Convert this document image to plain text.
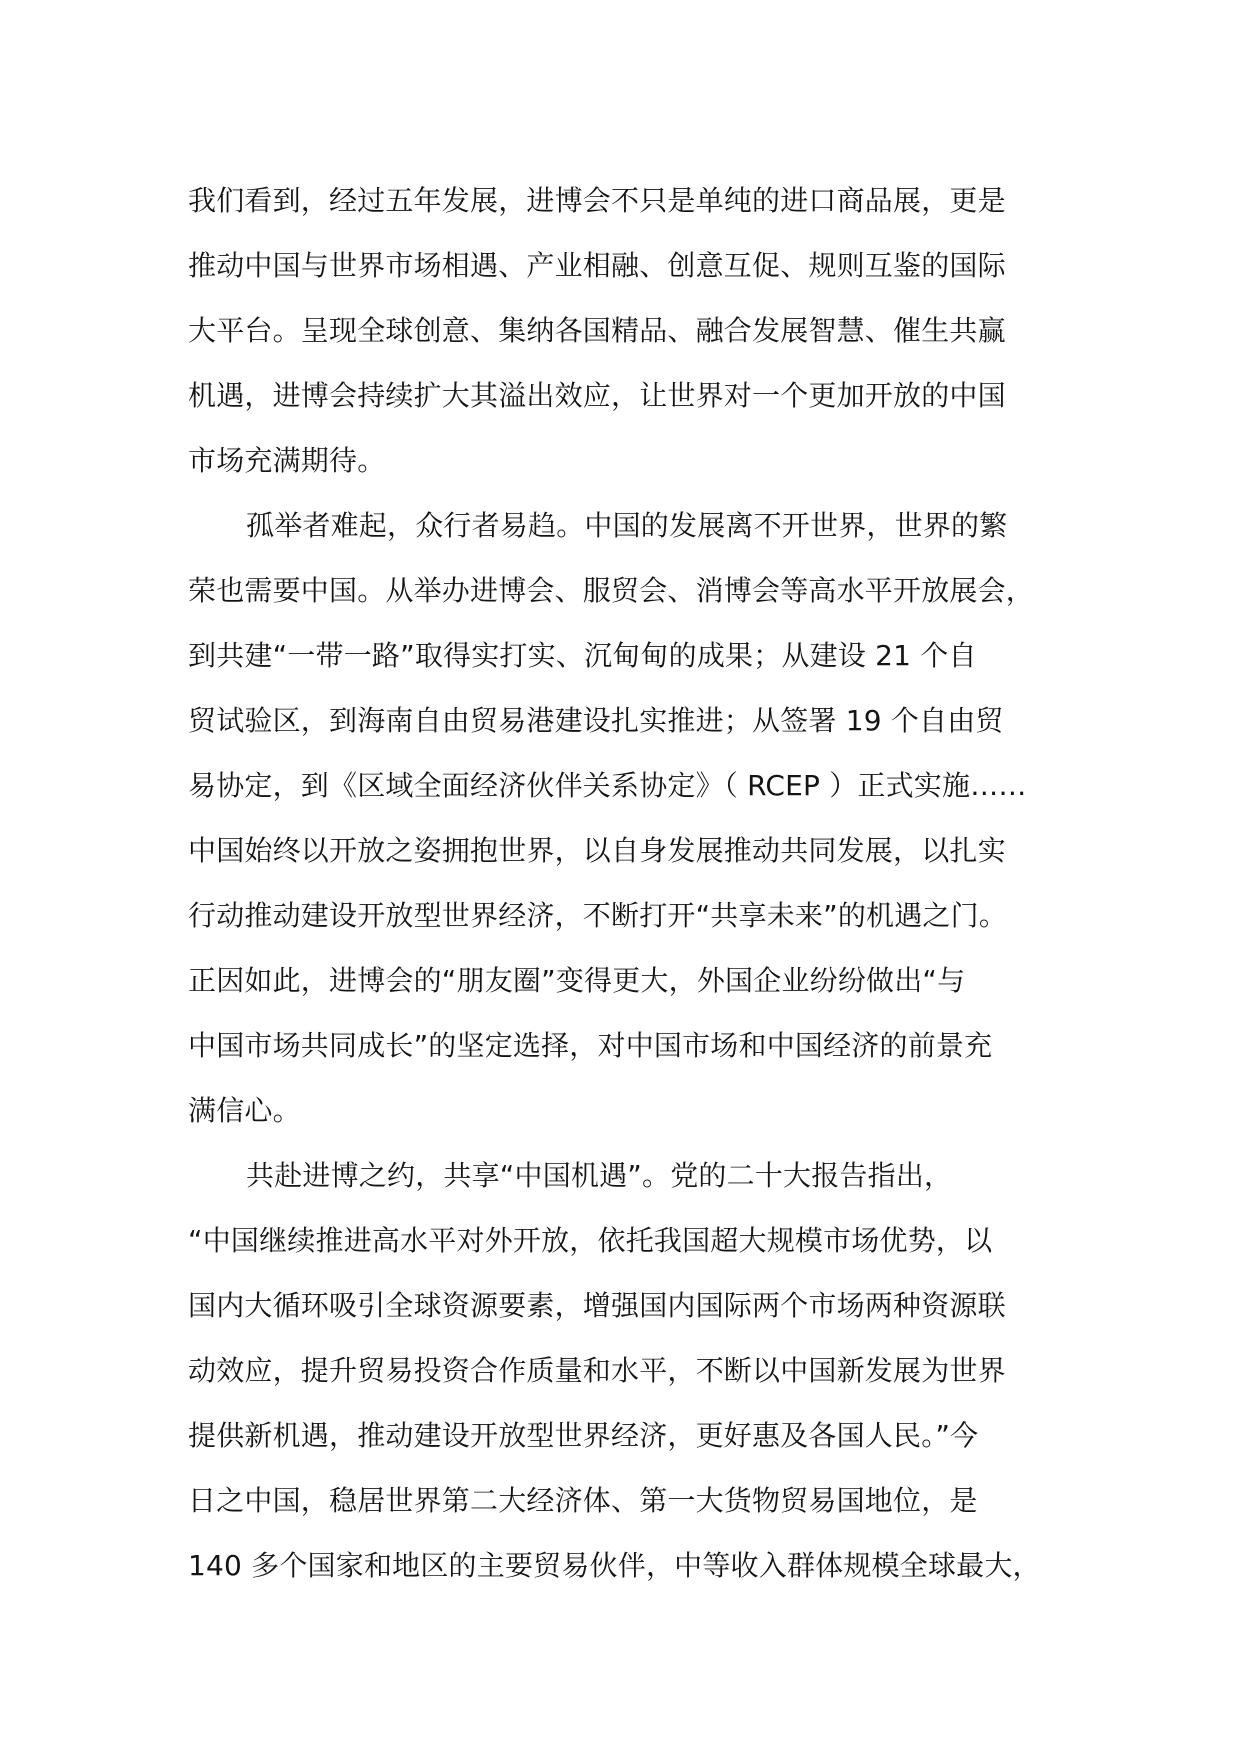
我们看到，经过五年发展，进博会不只是单纯的进口商品展，更是
推动中国与世界市场相遇、产业相融、创意互促、规则互鉴的国际
大平台。呈现全球创意、集纳各国精品、融合发展智慧、催生共赢
机遇，进博会持续扩大其溢出效应，让世界对一个更加开放的中国
市场充满期待。
孤举者难起，众行者易趋。中国的发展离不开世界，世界的繁
荣也需要中国。从举办进博会、服贸会、消博会等高水平开放展会，
到共建“一带一路”取得实打实、沉甸甸的成果；从建设 21 个自
贸试验区，到海南自由贸易港建设扎实推进；从签署 19 个自由贸
易协定，到《区域全面经济伙伴关系协定》（ RCEP ）正式实施……
中国始终以开放之姿拥抱世界，以自身发展推动共同发展，以扎实
行动推动建设开放型世界经济，不断打开“共享未来”的机遇之门。
正因如此，进博会的“朋友圈”变得更大，外国企业纷纷做出“与
中国市场共同成长”的坚定选择，对中国市场和中国经济的前景充
满信心。
共赴进博之约，共享“中国机遇”。党的二十大报告指出，
“中国继续推进高水平对外开放，依托我国超大规模市场优势，以
国内大循环吸引全球资源要素，增强国内国际两个市场两种资源联
动效应，提升贸易投资合作质量和水平，不断以中国新发展为世界
提供新机遇，推动建设开放型世界经济，更好惠及各国人民。”今
日之中国，稳居世界第二大经济体、第一大货物贸易国地位，是
140 多个国家和地区的主要贸易伙伴，中等收入群体规模全球最大，
